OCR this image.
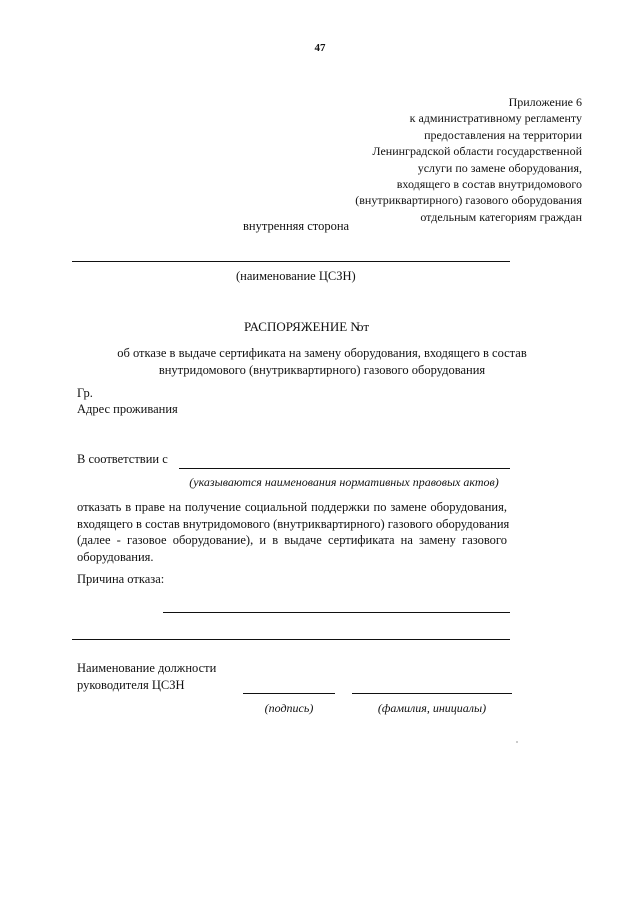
47
Приложение 6
к административному регламенту
предоставления на территории
Ленинградской области государственной
услуги по замене оборудования,
входящего в состав внутридомового
(внутриквартирного) газового оборудования
отдельным категориям граждан
внутренняя сторона
(наименование ЦСЗН)
РАСПОРЯЖЕНИЕ N
от
об отказе в выдаче сертификата на замену оборудования, входящего в состав
внутридомового (внутриквартирного) газового оборудования
Гр.
Адрес проживания
В соответствии с
(указываются наименования нормативных правовых актов)
отказать в праве на получение социальной поддержки по замене оборудования,
входящего в состав внутридомового (внутриквартирного) газового оборудования
(далее - газовое оборудование), и в выдаче сертификата на замену газового
оборудования.
Причина отказа:
Наименование должности
руководителя ЦСЗН
(подпись)	(фамилия, инициалы)
